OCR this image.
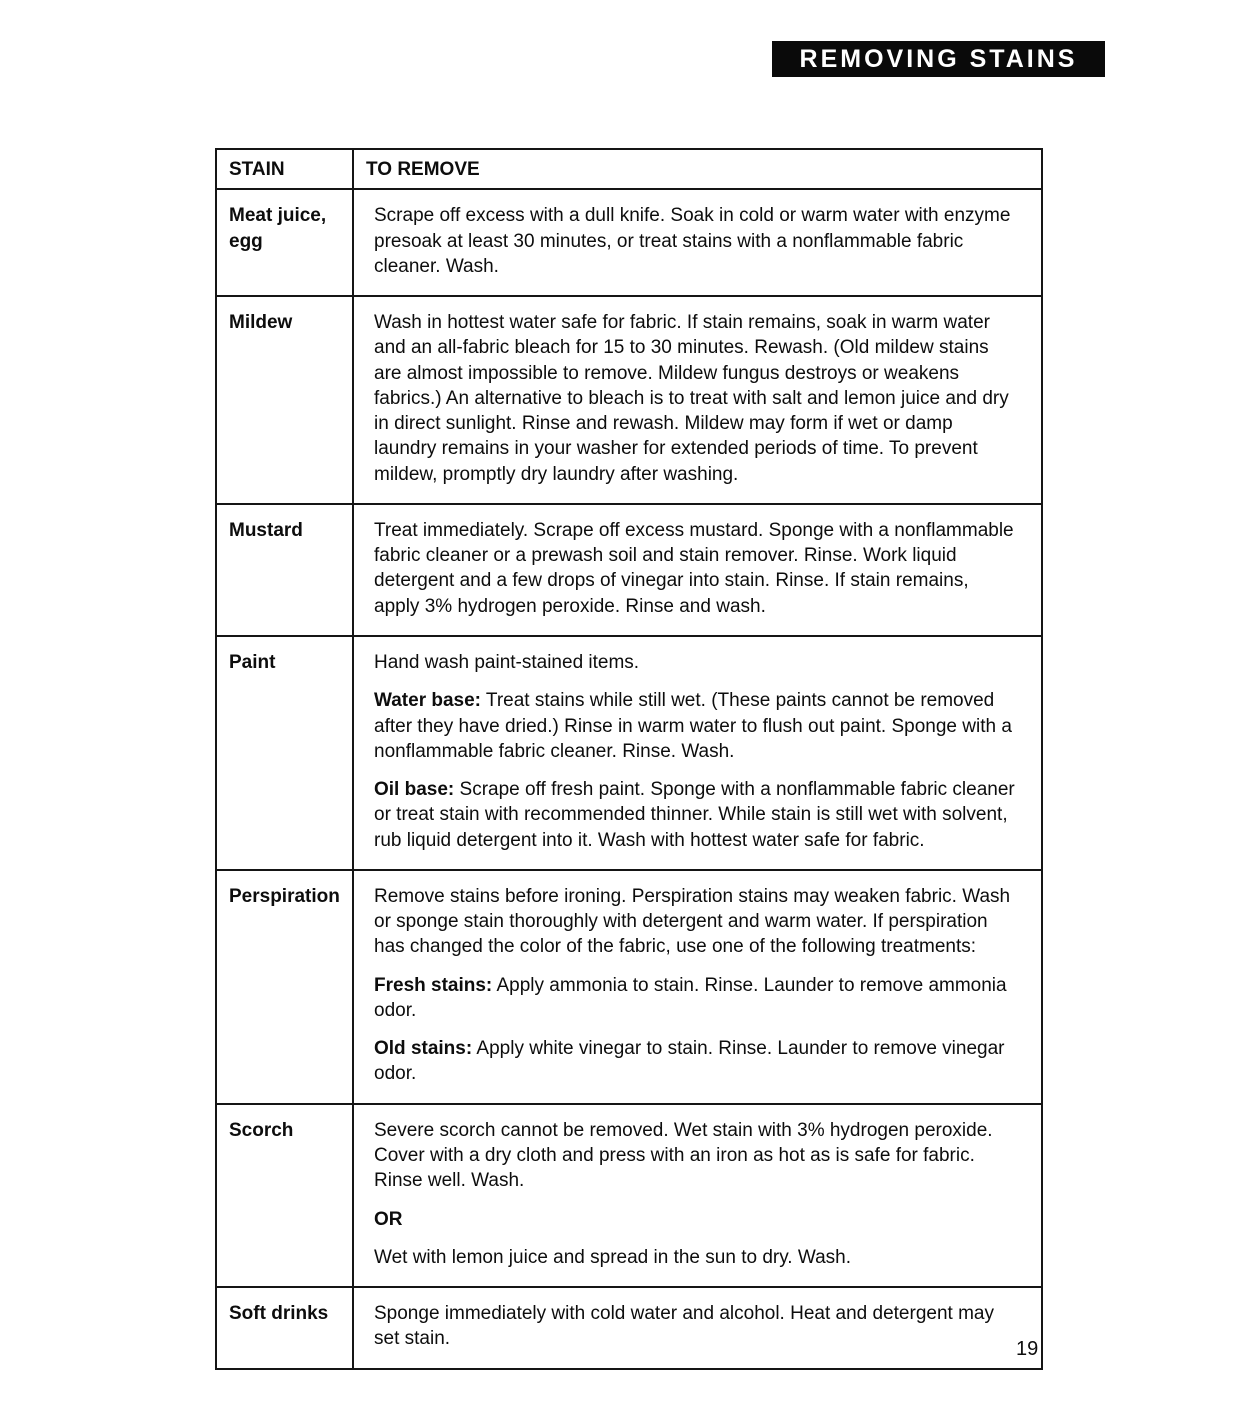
REMOVING STAINS
STAIN	TO REMOVE
Meat juice, egg	Scrape off excess with a dull knife. Soak in cold or warm water with enzyme presoak at least 30 minutes, or treat stains with a nonflammable fabric cleaner. Wash.

Mildew	Wash in hottest water safe for fabric. If stain remains, soak in warm water and an all-fabric bleach for 15 to 30 minutes. Rewash. (Old mildew stains are almost impossible to remove. Mildew fungus destroys or weakens fabrics.) An alternative to bleach is to treat with salt and lemon juice and dry in direct sunlight. Rinse and rewash. Mildew may form if wet or damp laundry remains in your washer for extended periods of time. To prevent mildew, promptly dry laundry after washing.

Mustard	Treat immediately. Scrape off excess mustard. Sponge with a nonflammable fabric cleaner or a prewash soil and stain remover. Rinse. Work liquid detergent and a few drops of vinegar into stain. Rinse. If stain remains, apply 3% hydrogen peroxide. Rinse and wash.

Paint	Hand wash paint-stained items.

Water base: Treat stains while still wet. (These paints cannot be removed after they have dried.) Rinse in warm water to flush out paint. Sponge with a nonflammable fabric cleaner. Rinse. Wash.

Oil base: Scrape off fresh paint. Sponge with a nonflammable fabric cleaner or treat stain with recommended thinner. While stain is still wet with solvent, rub liquid detergent into it. Wash with hottest water safe for fabric.

Perspiration	Remove stains before ironing. Perspiration stains may weaken fabric. Wash or sponge stain thoroughly with detergent and warm water. If perspiration has changed the color of the fabric, use one of the following treatments:

Fresh stains: Apply ammonia to stain. Rinse. Launder to remove ammonia odor.

Old stains: Apply white vinegar to stain. Rinse. Launder to remove vinegar odor.

Scorch	Severe scorch cannot be removed. Wet stain with 3% hydrogen peroxide. Cover with a dry cloth and press with an iron as hot as is safe for fabric. Rinse well. Wash.

OR

Wet with lemon juice and spread in the sun to dry. Wash.

Soft drinks	Sponge immediately with cold water and alcohol. Heat and detergent may set stain.	19
